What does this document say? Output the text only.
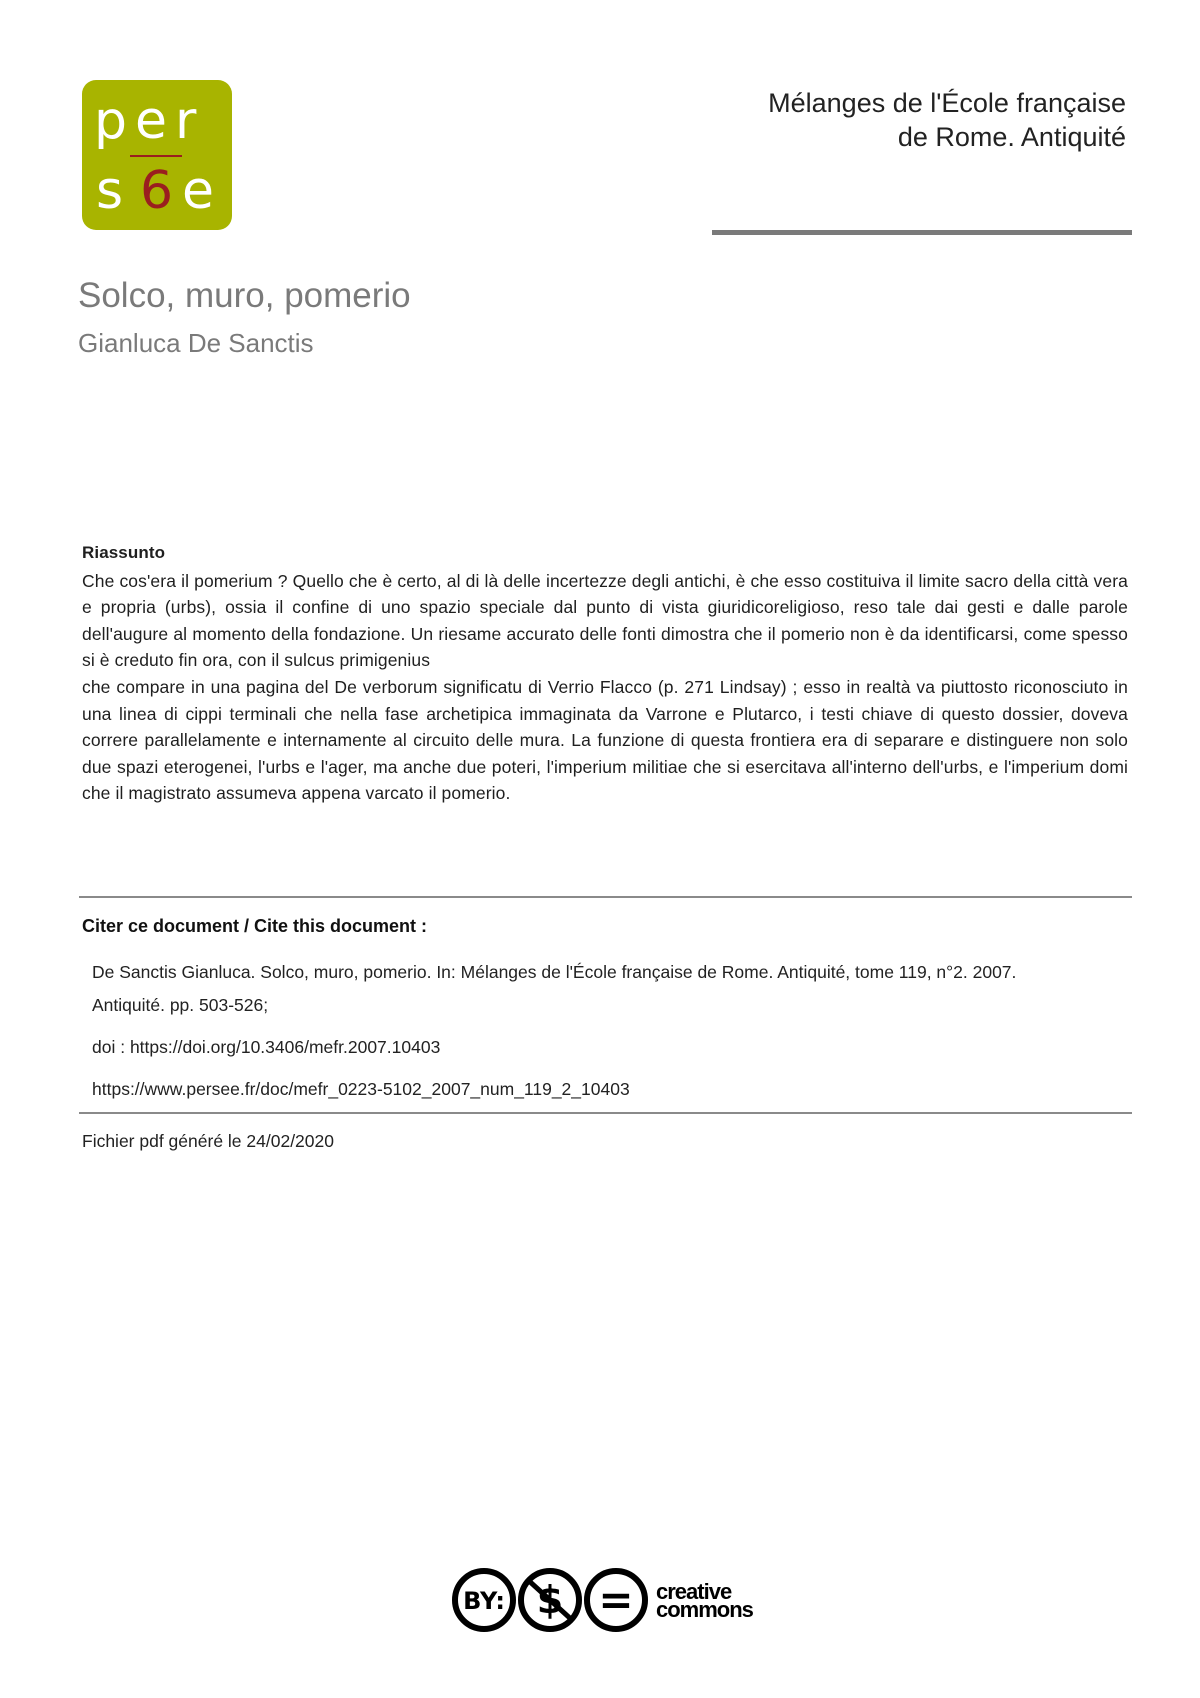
per
s 6 e
Mélanges de l'École française
de Rome. Antiquité
Solco, muro, pomerio
Gianluca De Sanctis
Riassunto

Che cos'era il pomerium ? Quello che è certo, al di là delle incertezze degli antichi, è che esso costituiva il limite sacro della città vera e propria (urbs), ossia il confine di uno spazio speciale dal punto di vista giuridicoreligioso, reso tale dai gesti e dalle parole dell'augure al momento della fondazione. Un riesame accurato delle fonti dimostra che il pomerio non è da identificarsi, come spesso si è creduto fin ora, con il sulcus primigenius

che compare in una pagina del De verborum significatu di Verrio Flacco (p. 271 Lindsay) ; esso in realtà va piuttosto riconosciuto in una linea di cippi terminali che nella fase archetipica immaginata da Varrone e Plutarco, i testi chiave di questo dossier, doveva correre parallelamente e internamente al circuito delle mura. La funzione di questa frontiera era di separare e distinguere non solo due spazi eterogenei, l'urbs e l'ager, ma anche due poteri, l'imperium militiae che si esercitava all'interno dell'urbs, e l'imperium domi che il magistrato assumeva appena varcato il pomerio.

Citer ce document / Cite this document :

De Sanctis Gianluca. Solco, muro, pomerio. In: Mélanges de l'École française de Rome. Antiquité, tome 119, n°2. 2007.

Antiquité. pp. 503-526;

doi : https://doi.org/10.3406/mefr.2007.10403

https://www.persee.fr/doc/mefr_0223-5102_2007_num_119_2_10403

Fichier pdf généré le 24/02/2020
BY: $ = creative
commons
